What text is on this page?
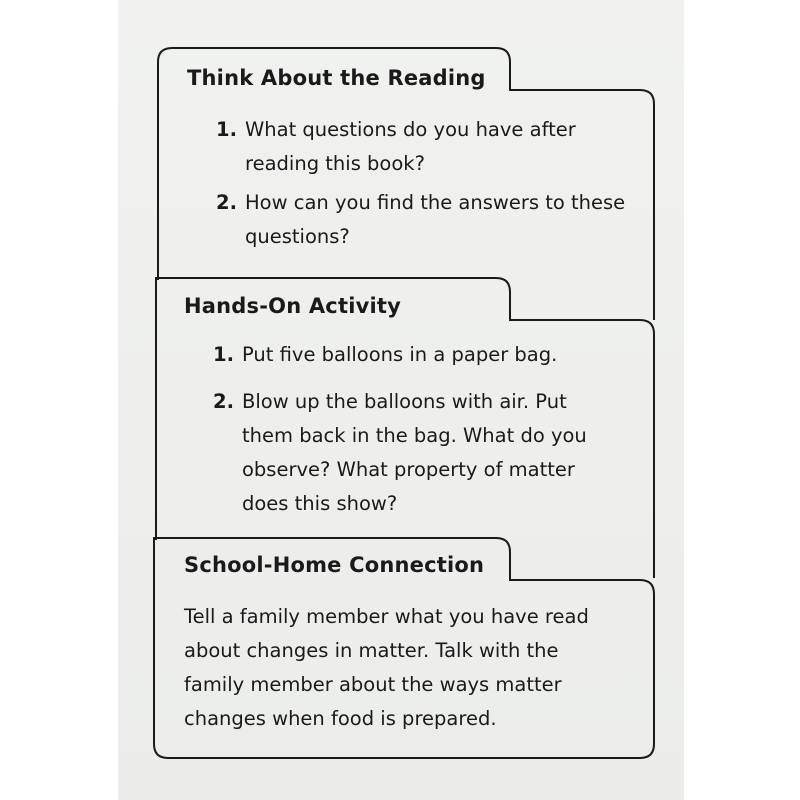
Think About the Reading
1. What questions do you have after reading this book?
2. How can you find the answers to these questions?
Hands-On Activity
1. Put five balloons in a paper bag.
2. Blow up the balloons with air. Put them back in the bag. What do you observe? What property of matter does this show?
School-Home Connection
Tell a family member what you have read about changes in matter. Talk with the family member about the ways matter changes when food is prepared.
